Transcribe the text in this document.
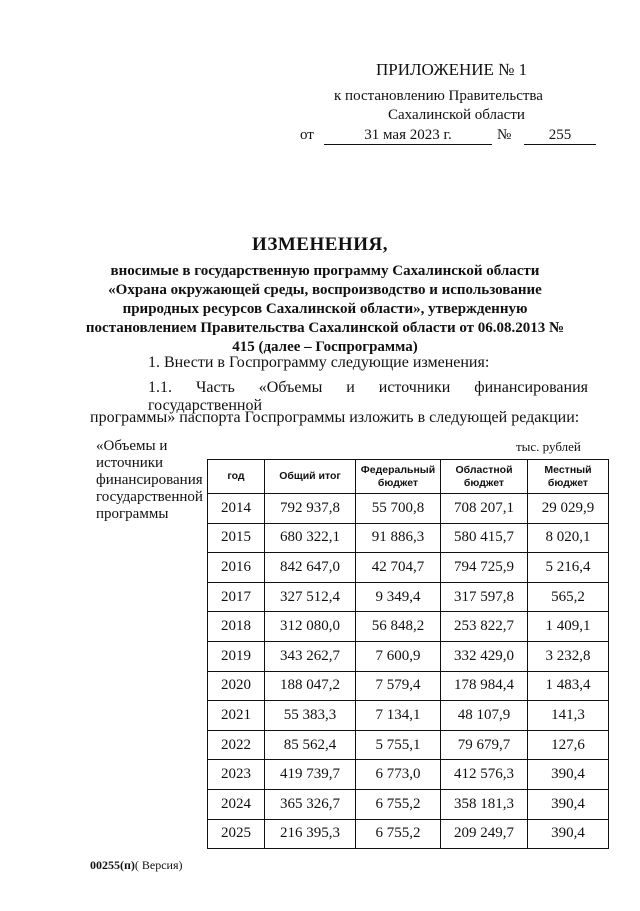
ПРИЛОЖЕНИЕ № 1
к постановлению Правительства
Сахалинской области
от	31 мая 2023 г.	№	255
ИЗМЕНЕНИЯ,
вносимые в государственную программу Сахалинской области «Охрана окружающей среды, воспроизводство и использование природных ресурсов Сахалинской области», утвержденную постановлением Правительства Сахалинской области от 06.08.2013 № 415 (далее – Госпрограмма)
1. Внести в Госпрограмму следующие изменения:
1.1. Часть «Объемы и источники финансирования государственной
программы» паспорта Госпрограммы изложить в следующей редакции:
«Объемы и источники финансирования государственной программы
тыс. рублей
год	Общий итог	Федеральный бюджет	Областной бюджет	Местный бюджет
2014	792 937,8	55 700,8	708 207,1	29 029,9
2015	680 322,1	91 886,3	580 415,7	8 020,1
2016	842 647,0	42 704,7	794 725,9	5 216,4
2017	327 512,4	9 349,4	317 597,8	565,2
2018	312 080,0	56 848,2	253 822,7	1 409,1
2019	343 262,7	7 600,9	332 429,0	3 232,8
2020	188 047,2	7 579,4	178 984,4	1 483,4
2021	55 383,3	7 134,1	48 107,9	141,3
2022	85 562,4	5 755,1	79 679,7	127,6
2023	419 739,7	6 773,0	412 576,3	390,4
2024	365 326,7	6 755,2	358 181,3	390,4
2025	216 395,3	6 755,2	209 249,7	390,4
00255(п)( Версия)
